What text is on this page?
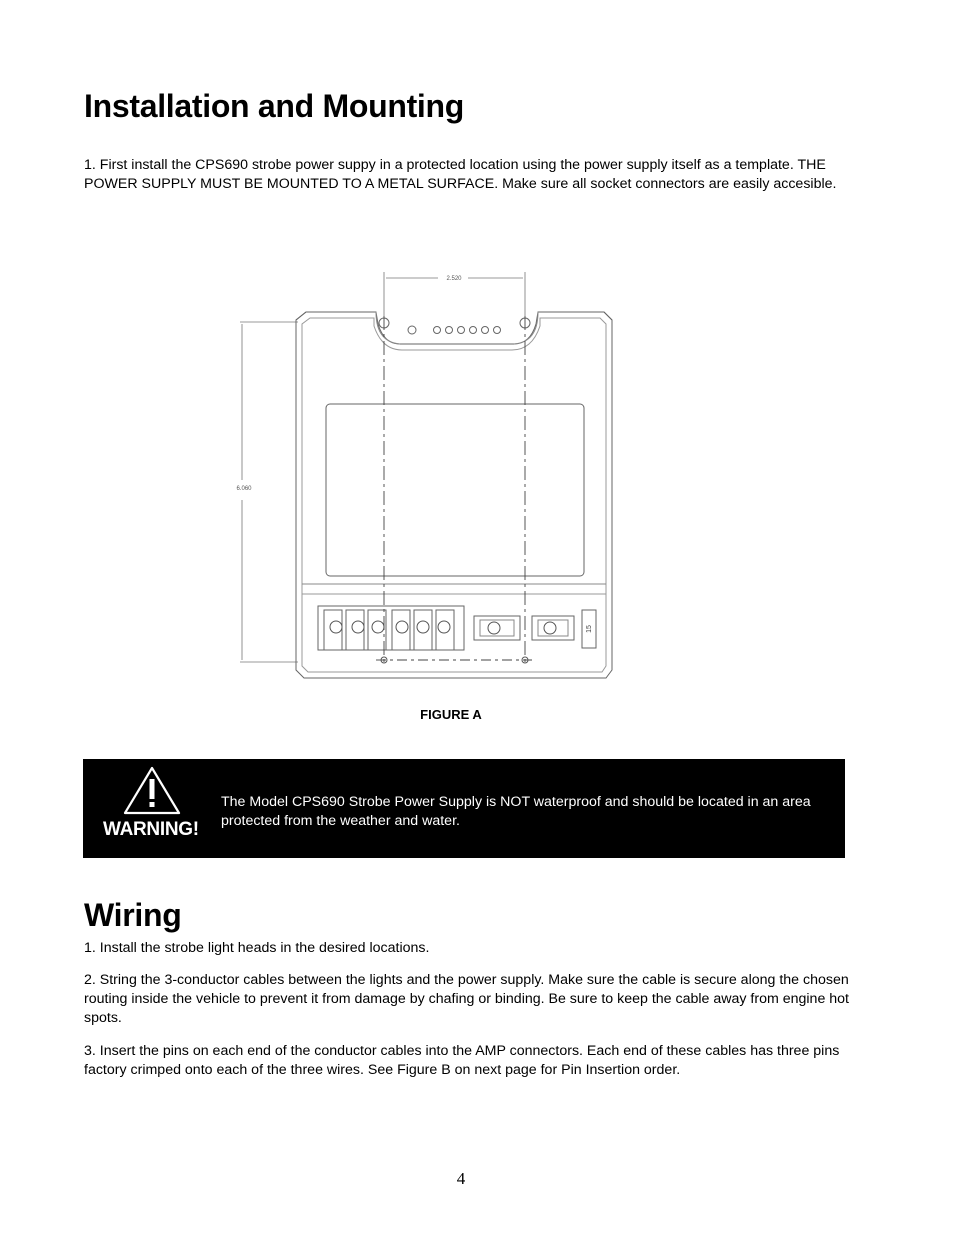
Installation and Mounting

1. First install the CPS690 strobe power suppy in a protected location using the power supply itself as a template. THE POWER SUPPLY MUST BE MOUNTED TO A METAL SURFACE. Make sure all socket connectors are easily accesible.

2.520
6.060
15
FIGURE A
WARNING!
The Model CPS690 Strobe Power Supply is NOT waterproof and should be located in an area protected from the weather and water.
Wiring

1. Install the strobe light heads in the desired locations.

2. String the 3-conductor cables between the lights and the power supply. Make sure the cable is secure along the chosen routing inside the vehicle to prevent it from damage by chafing or binding. Be sure to keep the cable away from engine hot spots.

3. Insert the pins on each end of the conductor cables into the AMP connectors. Each end of these cables has three pins factory crimped onto each of the three wires. See Figure B on next page for Pin Insertion order.

4
